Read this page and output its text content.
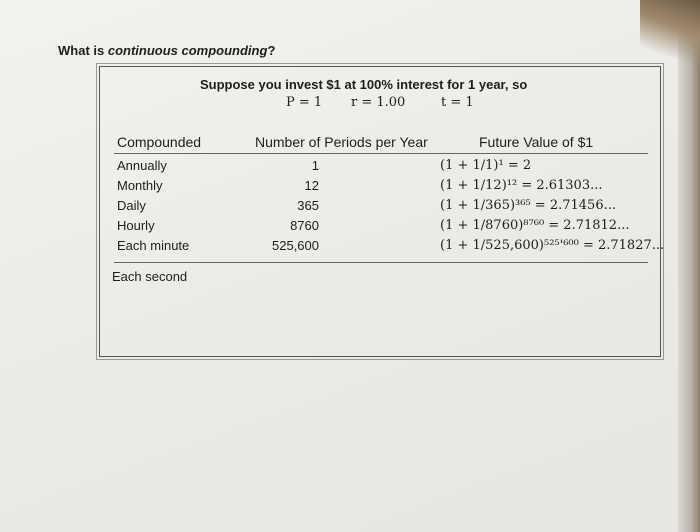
What is continuous compounding?
Suppose you invest $1 at 100% interest for 1 year, so
P = 1 r = 1.00	t = 1
Compounded	Number of Periods per Year	Future Value of $1
Annually	1	(1 + 1/1)¹ = 2
Monthly	12	(1 + 1/12)¹² = 2.61303...
Daily	365	(1 + 1/365)³⁶⁵ = 2.71456...
Hourly	8760	(1 + 1/8760)⁸⁷⁶⁰ = 2.71812...
Each minute	525,600	(1 + 1/525,600)⁵²⁵'⁶⁰⁰ = 2.71827...
Each second
